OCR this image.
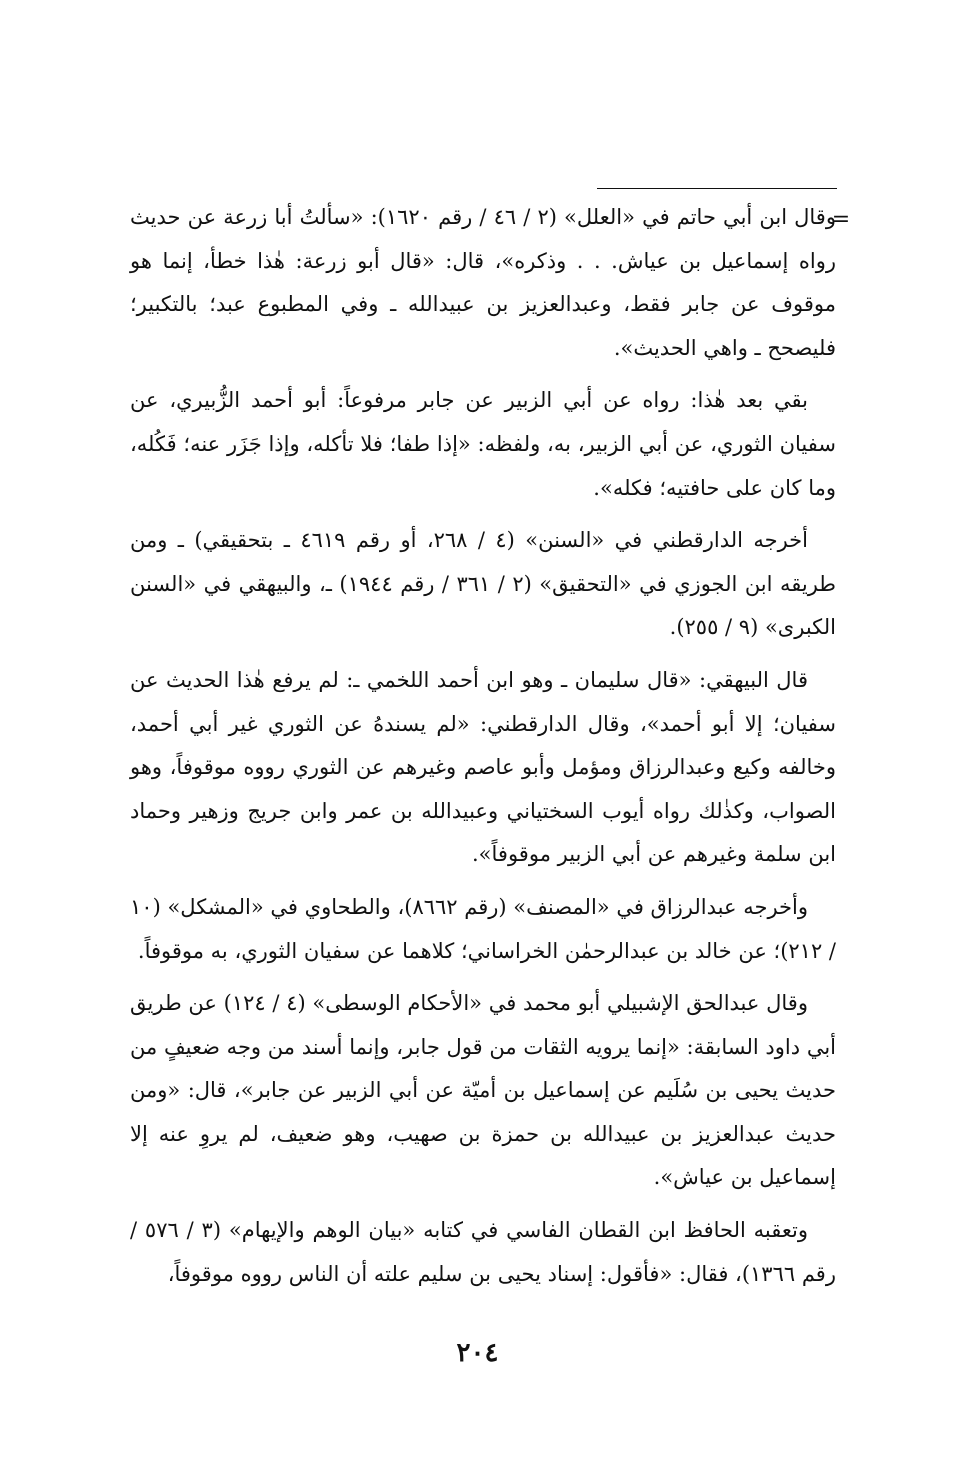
=

وقال ابن أبي حاتم في «العلل» (٢ / ٤٦ / رقم ١٦٢٠): «سألتُ أبا زرعة عن حديث رواه إسماعيل بن عياش. . . وذكره»، قال: «قال أبو زرعة: هٰذا خطأ، إنما هو موقوف عن جابر فقط، وعبدالعزيز بن عبيدالله ـ وفي المطبوع عبد؛ بالتكبير؛ فليصحح ـ واهي الحديث».

بقي بعد هٰذا: رواه عن أبي الزبير عن جابر مرفوعاً: أبو أحمد الزُّبيري، عن سفيان الثوري، عن أبي الزبير، به، ولفظه: «إذا طفا؛ فلا تأكله، وإذا جَزَر عنه؛ فَكُله، وما كان على حافتيه؛ فكله».

أخرجه الدارقطني في «السنن» (٤ / ٢٦٨، أو رقم ٤٦١٩ ـ بتحقيقي) ـ ومن طريقه ابن الجوزي في «التحقيق» (٢ / ٣٦١ / رقم ١٩٤٤) ـ، والبيهقي في «السنن الكبرى» (٩ / ٢٥٥).

قال البيهقي: «قال سليمان ـ وهو ابن أحمد اللخمي ـ: لم يرفع هٰذا الحديث عن سفيان؛ إلا أبو أحمد»، وقال الدارقطني: «لم يسندهُ عن الثوري غير أبي أحمد، وخالفه وكيع وعبدالرزاق ومؤمل وأبو عاصم وغيرهم عن الثوري رووه موقوفاً، وهو الصواب، وكذٰلك رواه أيوب السختياني وعبيدالله بن عمر وابن جريج وزهير وحماد ابن سلمة وغيرهم عن أبي الزبير موقوفاً».

وأخرجه عبدالرزاق في «المصنف» (رقم ٨٦٦٢)، والطحاوي في «المشكل» (١٠ / ٢١٢)؛ عن خالد بن عبدالرحمٰن الخراساني؛ كلاهما عن سفيان الثوري، به موقوفاً.

وقال عبدالحق الإشبيلي أبو محمد في «الأحكام الوسطى» (٤ / ١٢٤) عن طريق أبي داود السابقة: «إنما يرويه الثقات من قول جابر، وإنما أسند من وجه ضعيفٍ من حديث يحيى بن سُلَيم عن إسماعيل بن أميّة عن أبي الزبير عن جابر»، قال: «ومن حديث عبدالعزيز بن عبيدالله بن حمزة بن صهيب، وهو ضعيف، لم يروِ عنه إلا إسماعيل بن عياش».

وتعقبه الحافظ ابن القطان الفاسي في كتابه «بيان الوهم والإيهام» (٣ / ٥٧٦ / رقم ١٣٦٦)، فقال: «فأقول: إسناد يحيى بن سليم علته أن الناس رووه موقوفاً،

٢٠٤
